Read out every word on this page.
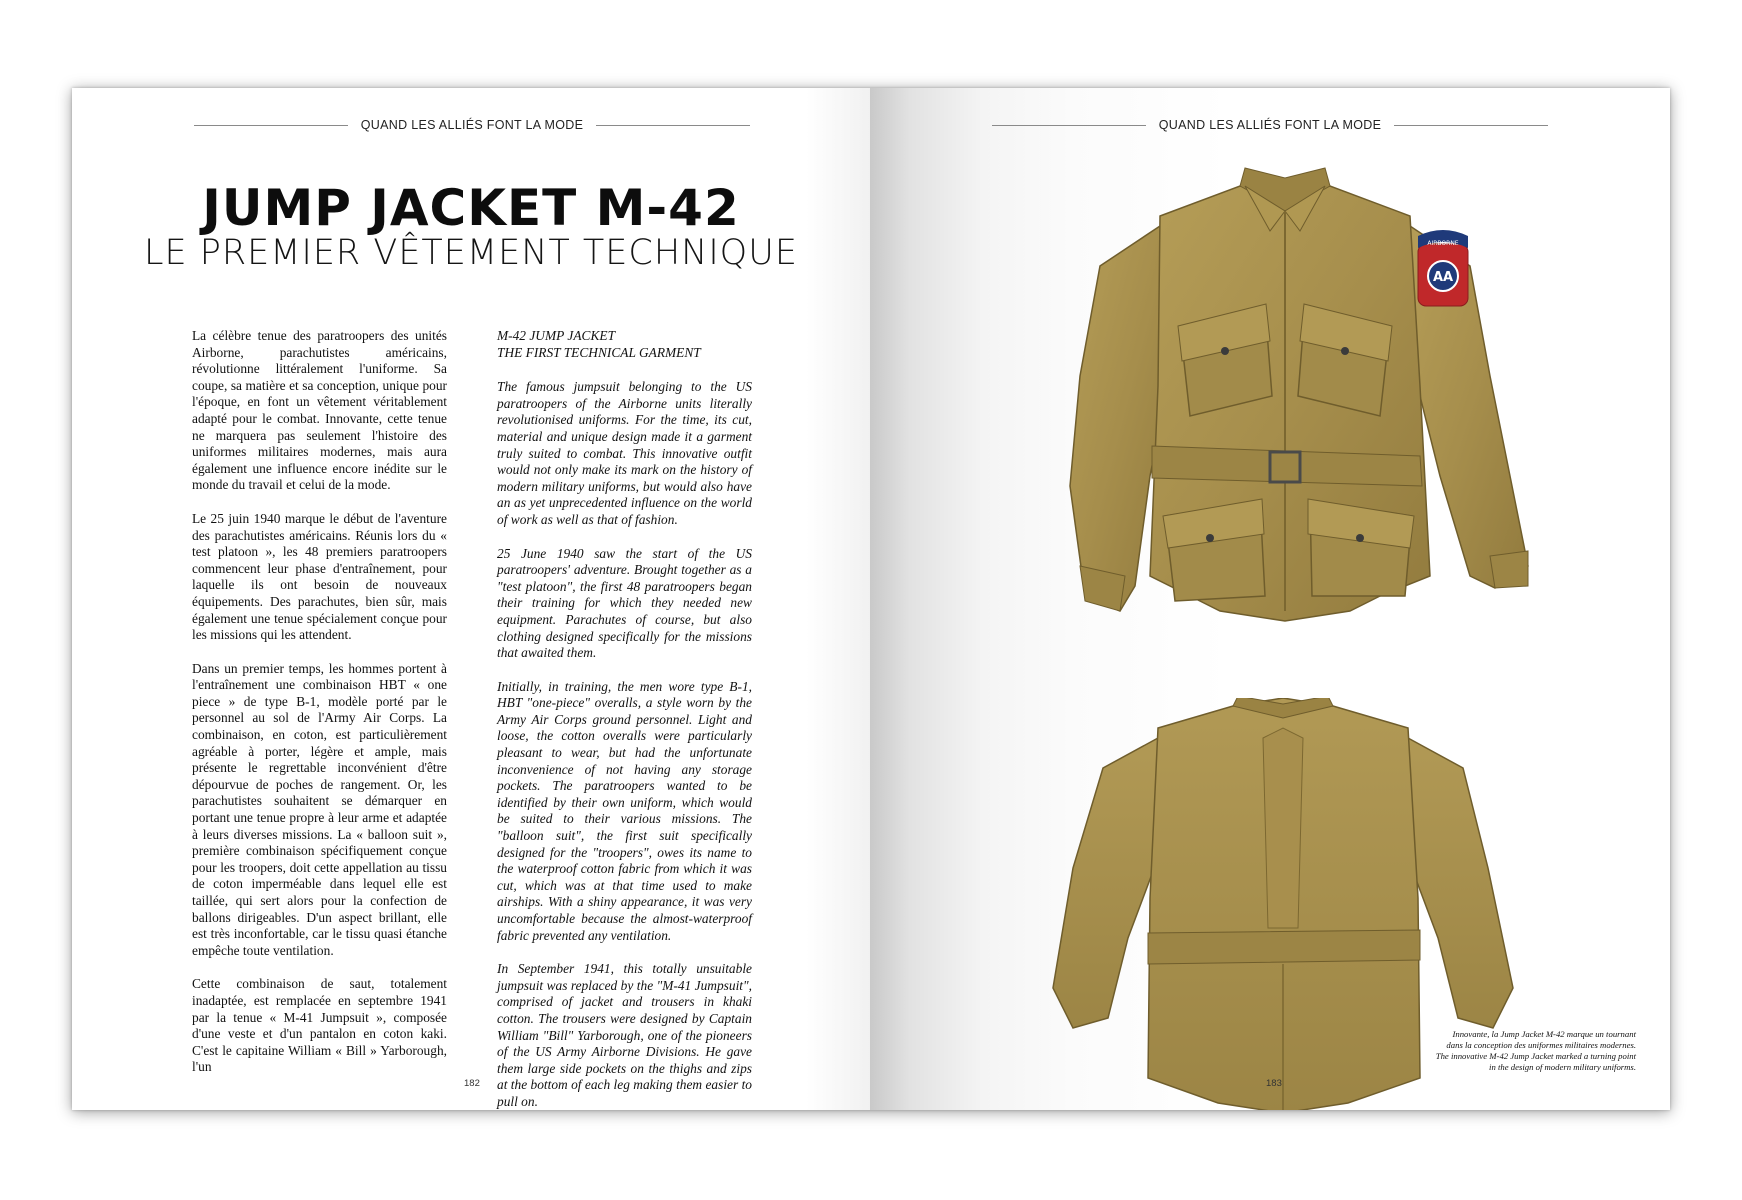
QUAND LES ALLIÉS FONT LA MODE
JUMP JACKET M-42
LE PREMIER VÊTEMENT TECHNIQUE

La célèbre tenue des paratroopers des unités Airborne, parachutistes américains, révolutionne littéralement l'uniforme. Sa coupe, sa matière et sa conception, unique pour l'époque, en font un vêtement véritablement adapté pour le combat. Innovante, cette tenue ne marquera pas seulement l'histoire des uniformes militaires modernes, mais aura également une influence encore inédite sur le monde du travail et celui de la mode.

Le 25 juin 1940 marque le début de l'aventure des parachutistes américains. Réunis lors du « test platoon », les 48 premiers paratroopers commencent leur phase d'entraînement, pour laquelle ils ont besoin de nouveaux équipements. Des parachutes, bien sûr, mais également une tenue spécialement conçue pour les missions qui les attendent.

Dans un premier temps, les hommes portent à l'entraînement une combinaison HBT « one piece » de type B-1, modèle porté par le personnel au sol de l'Army Air Corps. La combinaison, en coton, est particulièrement agréable à porter, légère et ample, mais présente le regrettable inconvénient d'être dépourvue de poches de rangement. Or, les parachutistes souhaitent se démarquer en portant une tenue propre à leur arme et adaptée à leurs diverses missions. La « balloon suit », première combinaison spécifiquement conçue pour les troopers, doit cette appellation au tissu de coton imperméable dans lequel elle est taillée, qui sert alors pour la confection de ballons dirigeables. D'un aspect brillant, elle est très inconfortable, car le tissu quasi étanche empêche toute ventilation.

Cette combinaison de saut, totalement inadaptée, est remplacée en septembre 1941 par la tenue « M-41 Jumpsuit », composée d'une veste et d'un pantalon en coton kaki. C'est le capitaine William « Bill » Yarborough, l'un

M-42 JUMP JACKET
THE FIRST TECHNICAL GARMENT

The famous jumpsuit belonging to the US paratroopers of the Airborne units literally revolutionised uniforms. For the time, its cut, material and unique design made it a garment truly suited to combat. This innovative outfit would not only make its mark on the history of modern military uniforms, but would also have an as yet unprecedented influence on the world of work as well as that of fashion.

25 June 1940 saw the start of the US paratroopers' adventure. Brought together as a "test platoon", the first 48 paratroopers began their training for which they needed new equipment. Parachutes of course, but also clothing designed specifically for the missions that awaited them.

Initially, in training, the men wore type B-1, HBT "one-piece" overalls, a style worn by the Army Air Corps ground personnel. Light and loose, the cotton overalls were particularly pleasant to wear, but had the unfortunate inconvenience of not having any storage pockets. The paratroopers wanted to be identified by their own uniform, which would be suited to their various missions. The "balloon suit", the first suit specifically designed for the "troopers", owes its name to the waterproof cotton fabric from which it was cut, which was at that time used to make airships. With a shiny appearance, it was very uncomfortable because the almost-waterproof fabric prevented any ventilation.

In September 1941, this totally unsuitable jumpsuit was replaced by the "M-41 Jumpsuit", comprised of jacket and trousers in khaki cotton. The trousers were designed by Captain William "Bill" Yarborough, one of the pioneers of the US Army Airborne Divisions. He gave them large side pockets on the thighs and zips at the bottom of each leg making them easier to pull on.

182
QUAND LES ALLIÉS FONT LA MODE
AIRBORNE
AA
Innovante, la Jump Jacket M-42 marque un tournant
dans la conception des uniformes militaires modernes.
The innovative M-42 Jump Jacket marked a turning point
in the design of modern military uniforms.
183
